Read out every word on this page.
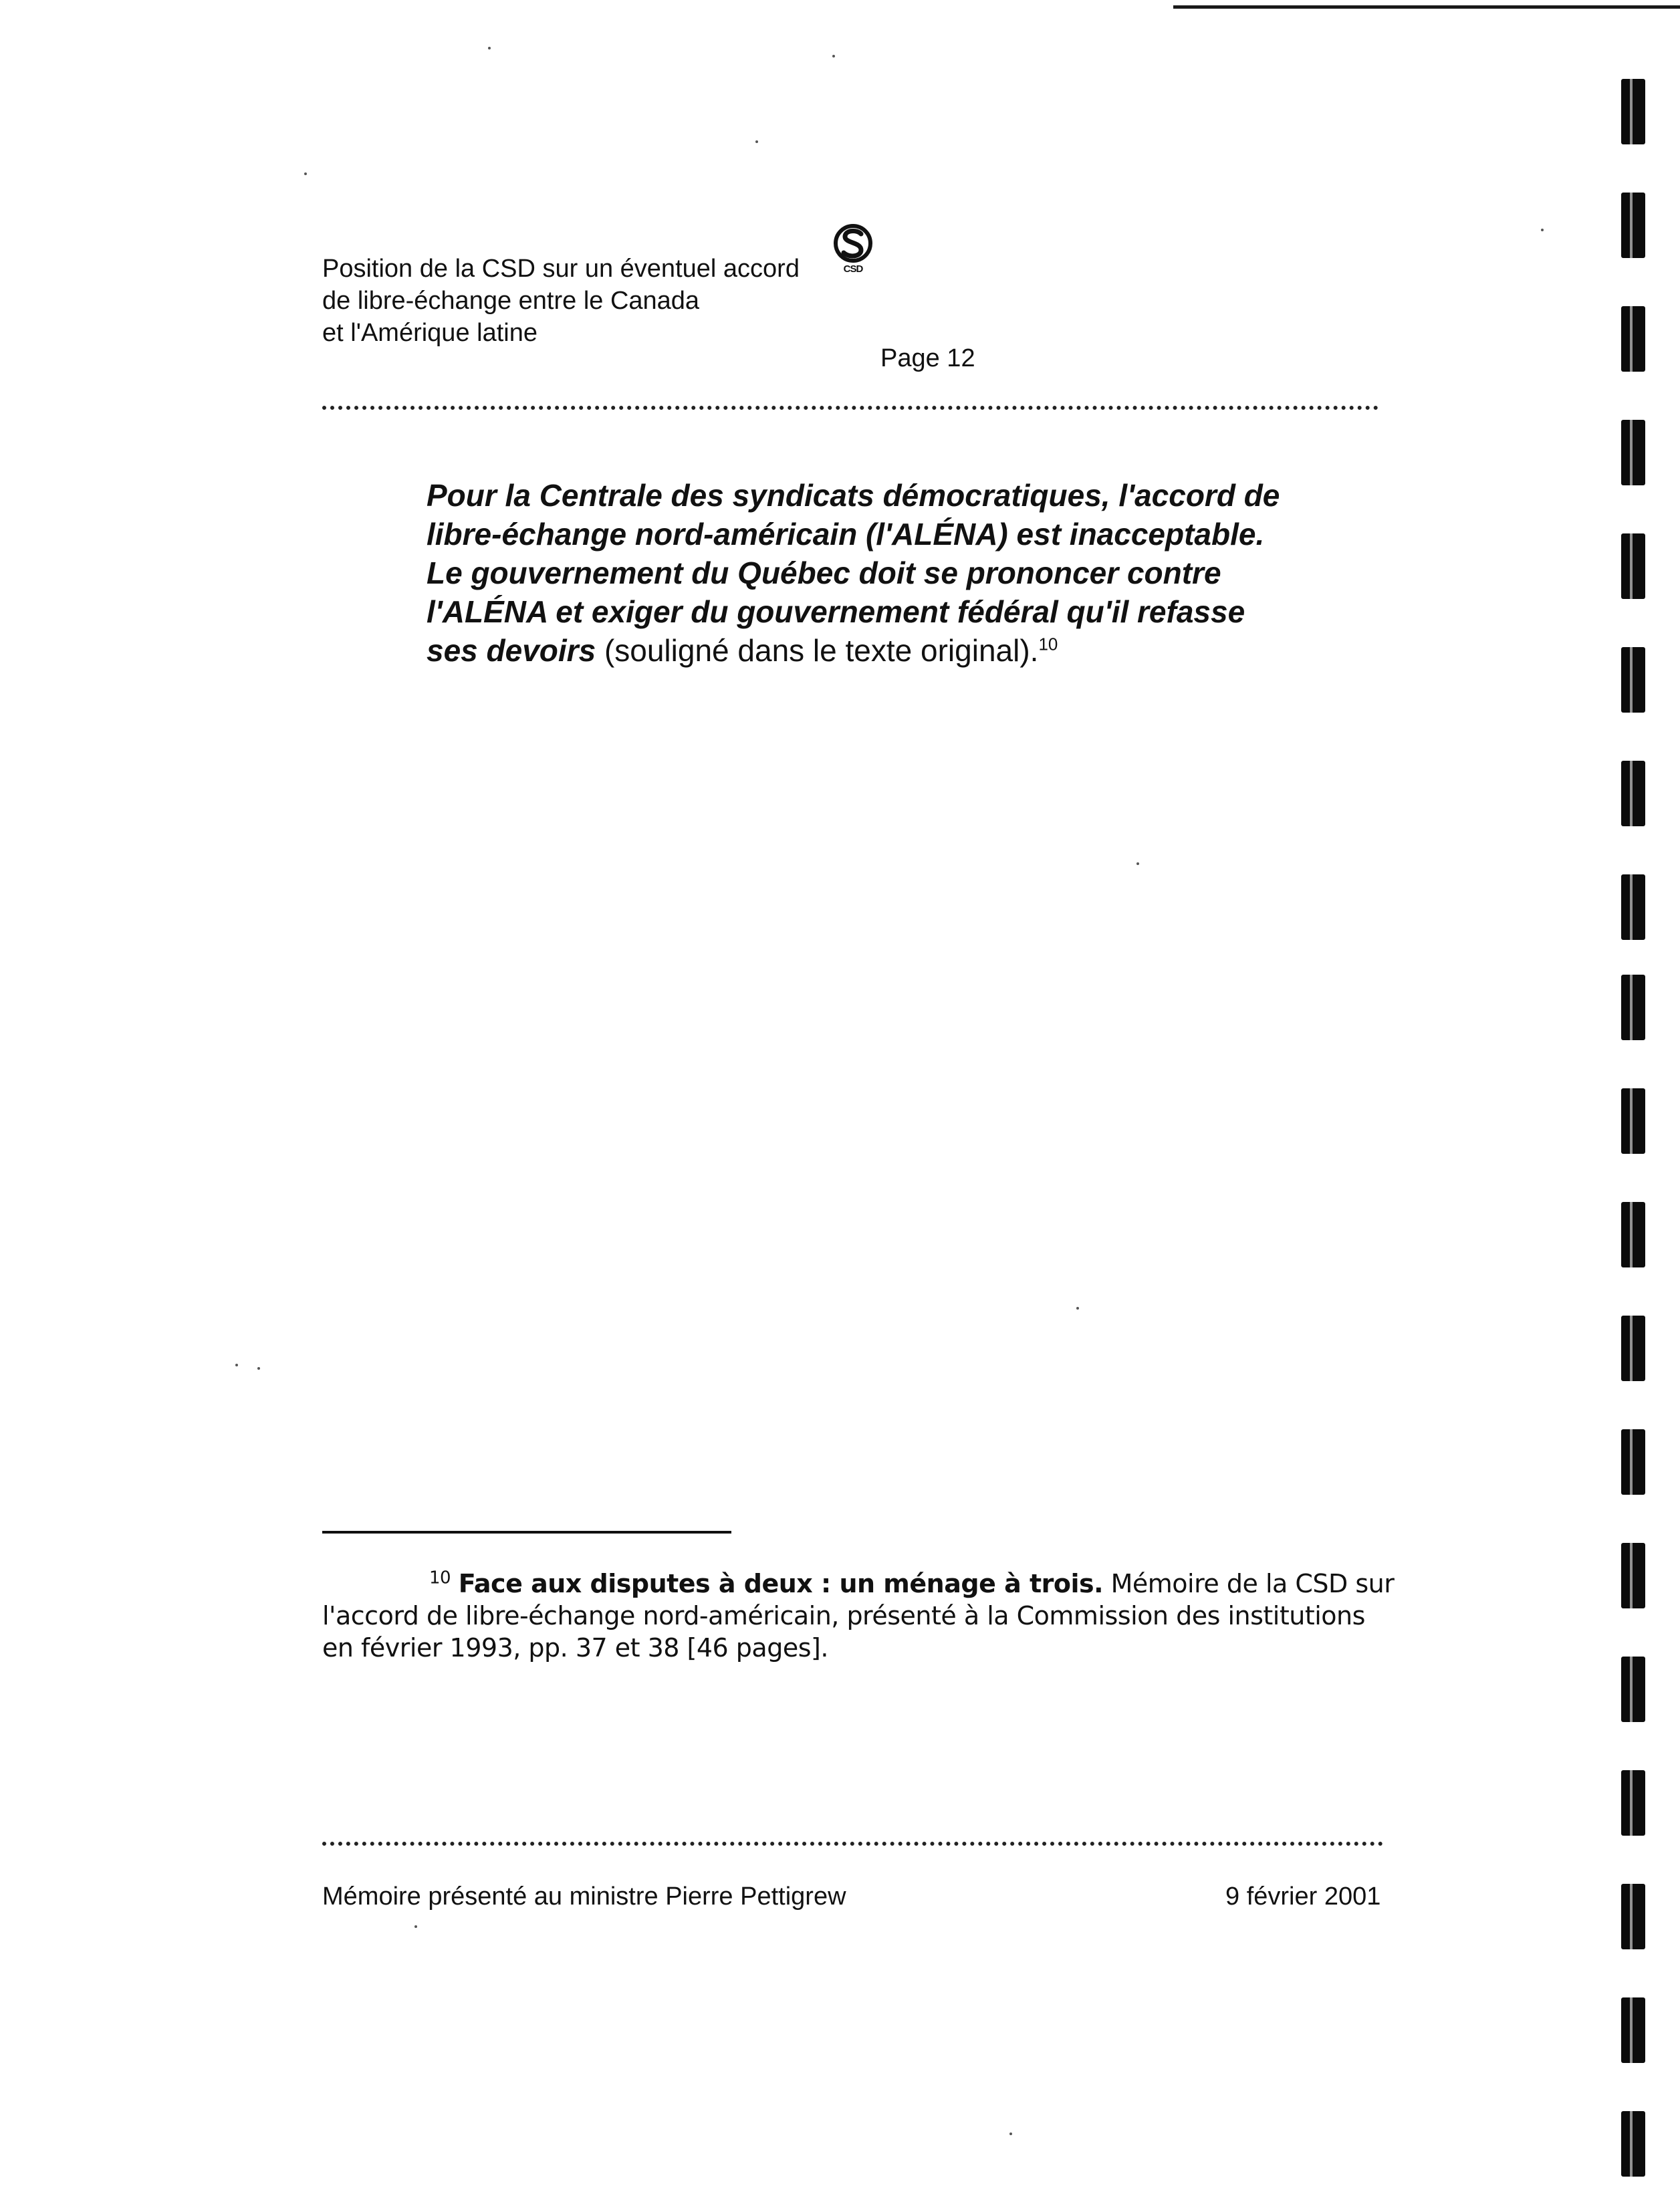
Position de la CSD sur un éventuel accord
de libre-échange entre le Canada
et l'Amérique latine
CSD
Page 12
Pour la Centrale des syndicats démocratiques, l'accord de libre-échange nord-américain (l'ALÉNA) est inacceptable. Le gouvernement du Québec doit se prononcer contre l'ALÉNA et exiger du gouvernement fédéral qu'il refasse ses devoirs (souligné dans le texte original).$^{10}$
$^{10}$ Face aux disputes à deux : un ménage à trois. Mémoire de la CSD sur l'accord de libre-échange nord-américain, présenté à la Commission des institutions en février 1993, pp. 37 et 38 [46 pages].
Mémoire présenté au ministre Pierre Pettigrew	9 février 2001
